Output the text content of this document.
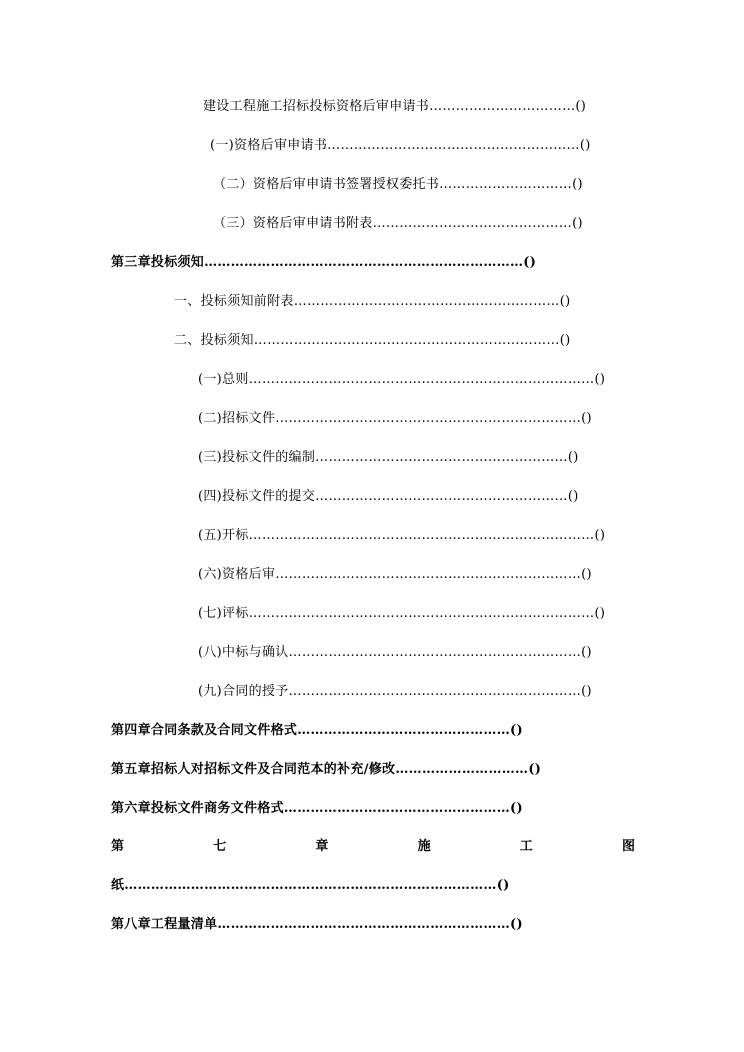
建设工程施工招标投标资格后审申请书……………………………()
(一)资格后审申请书…………………………………………………()
（二）资格后审申请书签署授权委托书…………………………()
（三）资格后审申请书附表………………………………………()
第三章投标须知………………………………………………………………()
一、投标须知前附表……………………………………………………()
二、投标须知……………………………………………………………()
(一)总则……………………………………………………………………()
(二)招标文件……………………………………………………………()
(三)投标文件的编制…………………………………………………()
(四)投标文件的提交…………………………………………………()
(五)开标……………………………………………………………………()
(六)资格后审……………………………………………………………()
(七)评标……………………………………………………………………()
(八)中标与确认…………………………………………………………()
(九)合同的授予…………………………………………………………()
第四章合同条款及合同文件格式…………………………………………()
第五章招标人对招标文件及合同范本的补充/修改…………………………()
第六章投标文件商务文件格式……………………………………………()
第	七	章	施	工	图
纸…………………………………………………………………………()
第八章工程量清单…………………………………………………………()
